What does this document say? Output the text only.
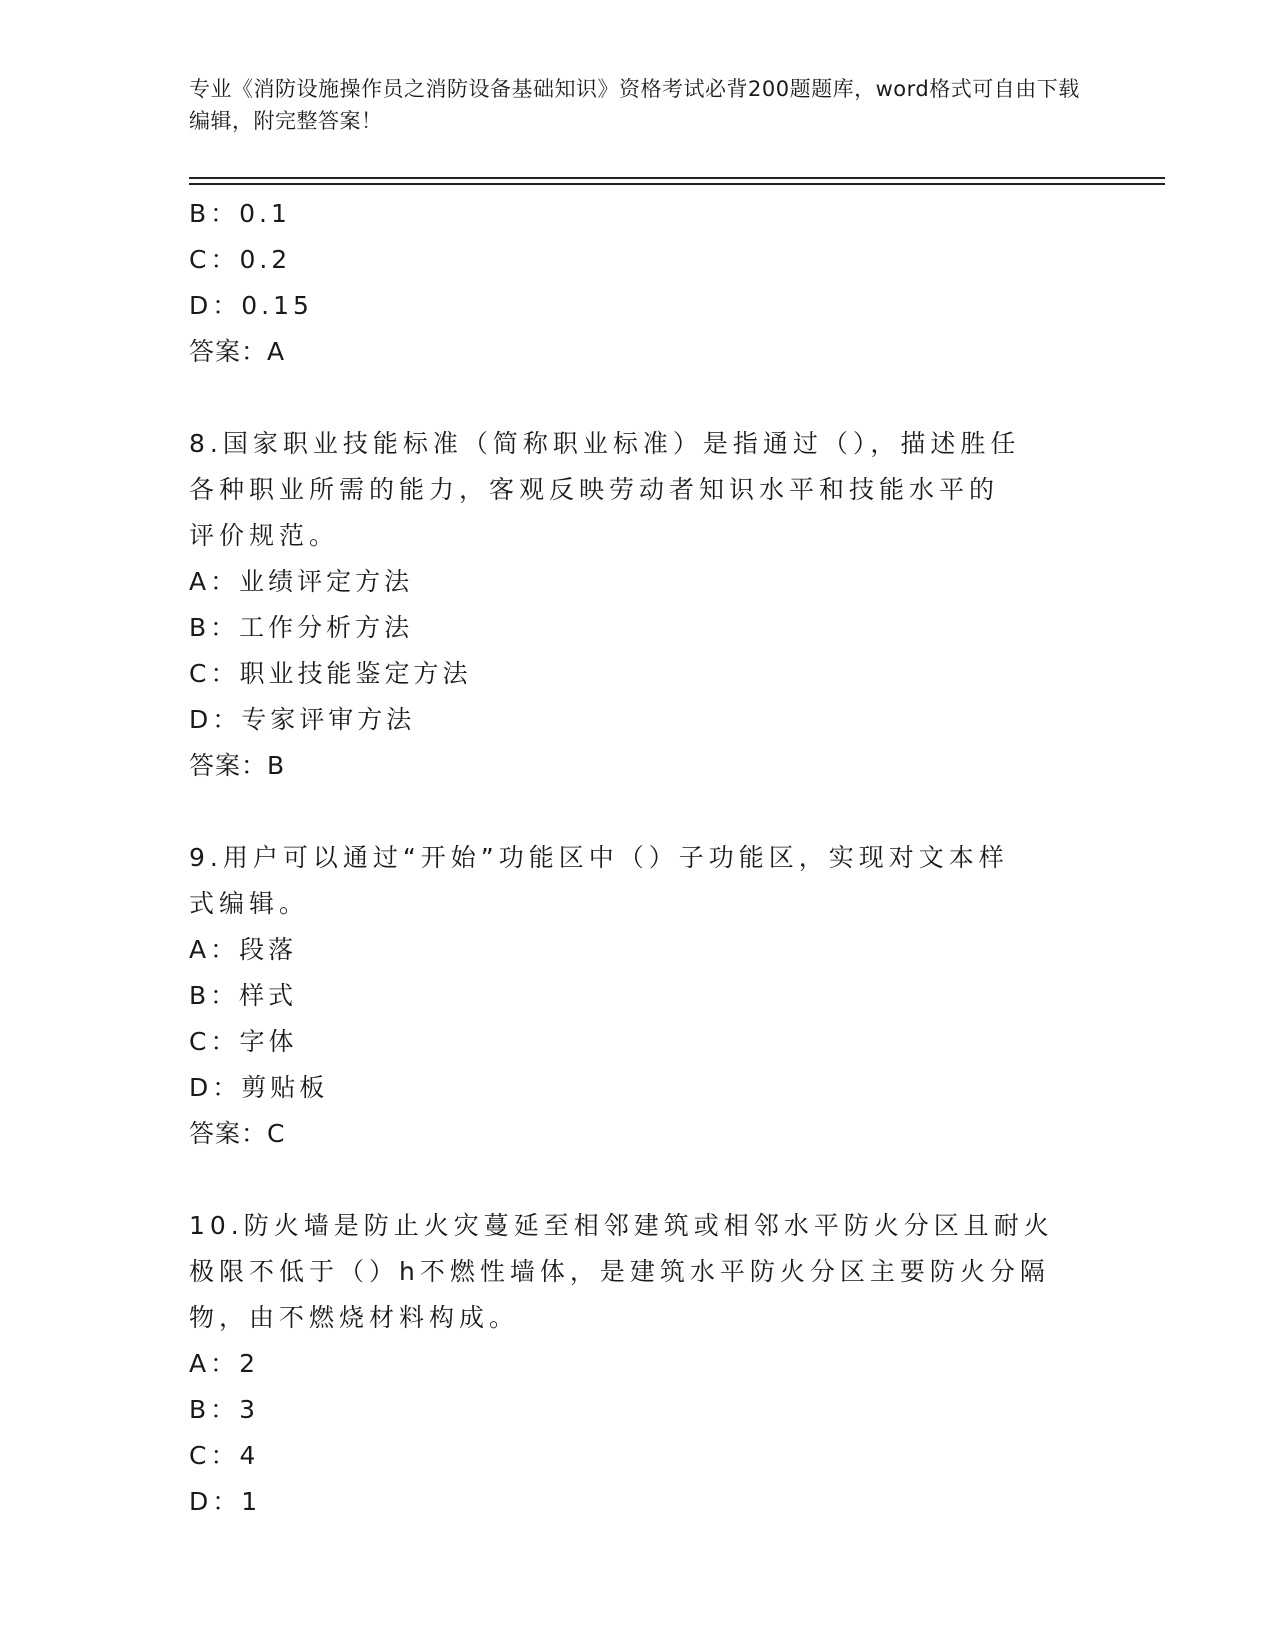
专业《消防设施操作员之消防设备基础知识》资格考试必背200题题库，word格式可自由下载编辑，附完整答案！
B：0.1
C：0.2
D：0.15
答案：A
8.国家职业技能标准（简称职业标准）是指通过（），描述胜任各种职业所需的能力，客观反映劳动者知识水平和技能水平的评价规范。
A：业绩评定方法
B：工作分析方法
C：职业技能鉴定方法
D：专家评审方法
答案：B
9.用户可以通过“开始”功能区中（）子功能区，实现对文本样式编辑。
A：段落
B：样式
C：字体
D：剪贴板
答案：C
10.防火墙是防止火灾蔓延至相邻建筑或相邻水平防火分区且耐火极限不低于（）h不燃性墙体，是建筑水平防火分区主要防火分隔物，由不燃烧材料构成。
A：2
B：3
C：4
D：1
